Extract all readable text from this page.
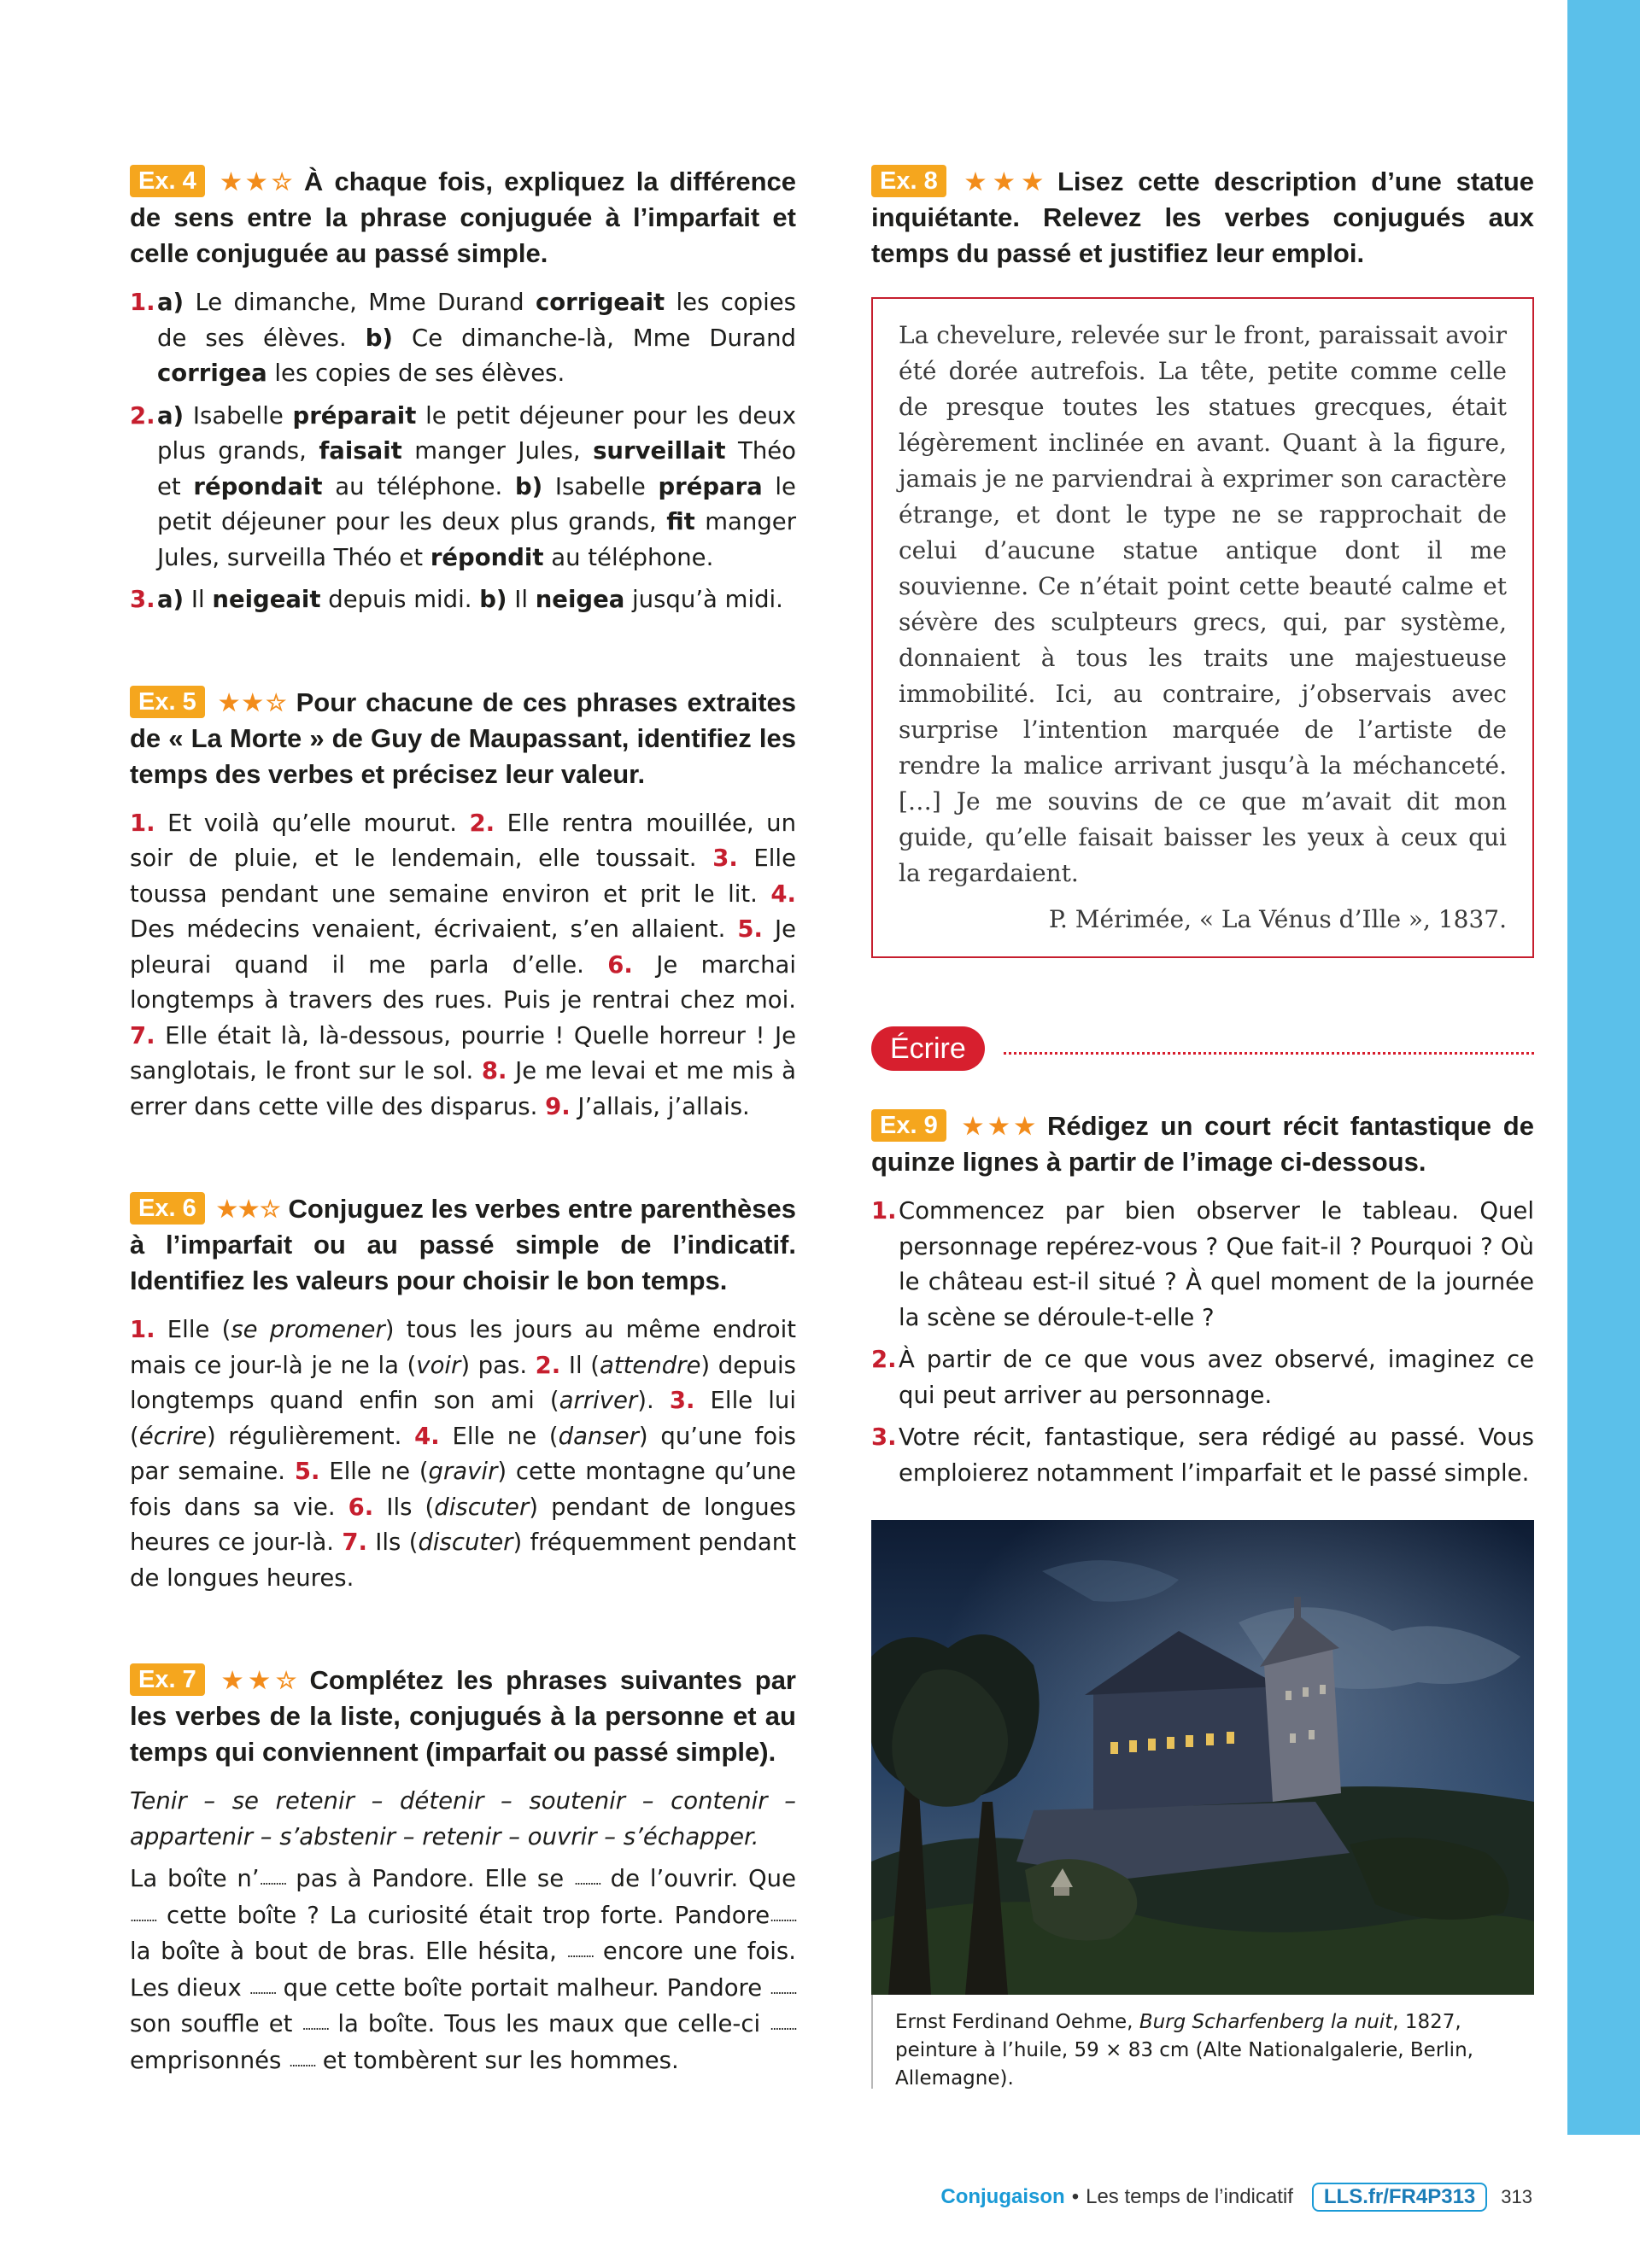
Ex. 4 ★★☆ À chaque fois, expliquez la différence de sens entre la phrase conjuguée à l’imparfait et celle conjuguée au passé simple.
1. a) Le dimanche, Mme Durand corrigeait les copies de ses élèves. b) Ce dimanche-là, Mme Durand corrigea les copies de ses élèves.
2. a) Isabelle préparait le petit déjeuner pour les deux plus grands, faisait manger Jules, surveillait Théo et répondait au téléphone. b) Isabelle prépara le petit déjeuner pour les deux plus grands, fit manger Jules, surveilla Théo et répondit au téléphone.
3. a) Il neigeait depuis midi. b) Il neigea jusqu’à midi.
Ex. 5 ★★☆ Pour chacune de ces phrases extraites de « La Morte » de Guy de Maupassant, identifiez les temps des verbes et précisez leur valeur.

1. Et voilà qu’elle mourut. 2. Elle rentra mouillée, un soir de pluie, et le lendemain, elle toussait. 3. Elle toussa pendant une semaine environ et prit le lit. 4. Des médecins venaient, écrivaient, s’en allaient. 5. Je pleurai quand il me parla d’elle. 6. Je marchai longtemps à travers des rues. Puis je rentrai chez moi. 7. Elle était là, là-dessous, pourrie ! Quelle horreur ! Je sanglotais, le front sur le sol. 8. Je me levai et me mis à errer dans cette ville des disparus. 9. J’allais, j’allais.

Ex. 6 ★★☆ Conjuguez les verbes entre parenthèses à l’imparfait ou au passé simple de l’indicatif. Identifiez les valeurs pour choisir le bon temps.

1. Elle (se promener) tous les jours au même endroit mais ce jour-là je ne la (voir) pas. 2. Il (attendre) depuis longtemps quand enfin son ami (arriver). 3. Elle lui (écrire) régulièrement. 4. Elle ne (danser) qu’une fois par semaine. 5. Elle ne (gravir) cette montagne qu’une fois dans sa vie. 6. Ils (discuter) pendant de longues heures ce jour-là. 7. Ils (discuter) fréquemment pendant de longues heures.

Ex. 7 ★★☆ Complétez les phrases suivantes par les verbes de la liste, conjugués à la personne et au temps qui conviennent (imparfait ou passé simple).

Tenir – se retenir – détenir – soutenir – contenir – appartenir – s’abstenir – retenir – ouvrir – s’échapper.

La boîte n’.......... pas à Pandore. Elle se .......... de l’ouvrir. Que .......... cette boîte ? La curiosité était trop forte. Pandore.......... la boîte à bout de bras. Elle hésita, .......... encore une fois. Les dieux .......... que cette boîte portait malheur. Pandore .......... son souffle et .......... la boîte. Tous les maux que celle-ci .......... emprisonnés .......... et tombèrent sur les hommes.

Ex. 8 ★★★ Lisez cette description d’une statue inquiétante. Relevez les verbes conjugués aux temps du passé et justifiez leur emploi.

La chevelure, relevée sur le front, paraissait avoir été dorée autrefois. La tête, petite comme celle de presque toutes les statues grecques, était légèrement inclinée en avant. Quant à la figure, jamais je ne parviendrai à exprimer son caractère étrange, et dont le type ne se rapprochait de celui d’aucune statue antique dont il me souvienne. Ce n’était point cette beauté calme et sévère des sculpteurs grecs, qui, par système, donnaient à tous les traits une majestueuse immobilité. Ici, au contraire, j’observais avec surprise l’intention marquée de l’artiste de rendre la malice arrivant jusqu’à la méchanceté. […] Je me souvins de ce que m’avait dit mon guide, qu’elle faisait baisser les yeux à ceux qui la regardaient.

P. Mérimée, « La Vénus d’Ille », 1837.

Écrire
Ex. 9 ★★★ Rédigez un court récit fantastique de quinze lignes à partir de l’image ci-dessous.
1. Commencez par bien observer le tableau. Quel personnage repérez-vous ? Que fait-il ? Pourquoi ? Où le château est-il situé ? À quel moment de la journée la scène se déroule-t-elle ?
2. À partir de ce que vous avez observé, imaginez ce qui peut arriver au personnage.
3. Votre récit, fantastique, sera rédigé au passé. Vous emploierez notamment l’imparfait et le passé simple.
Ernst Ferdinand Oehme, Burg Scharfenberg la nuit, 1827, peinture à l’huile, 59 × 83 cm (Alte Nationalgalerie, Berlin, Allemagne).
Conjugaison • Les temps de l’indicatif	LLS.fr/FR4P313	313
